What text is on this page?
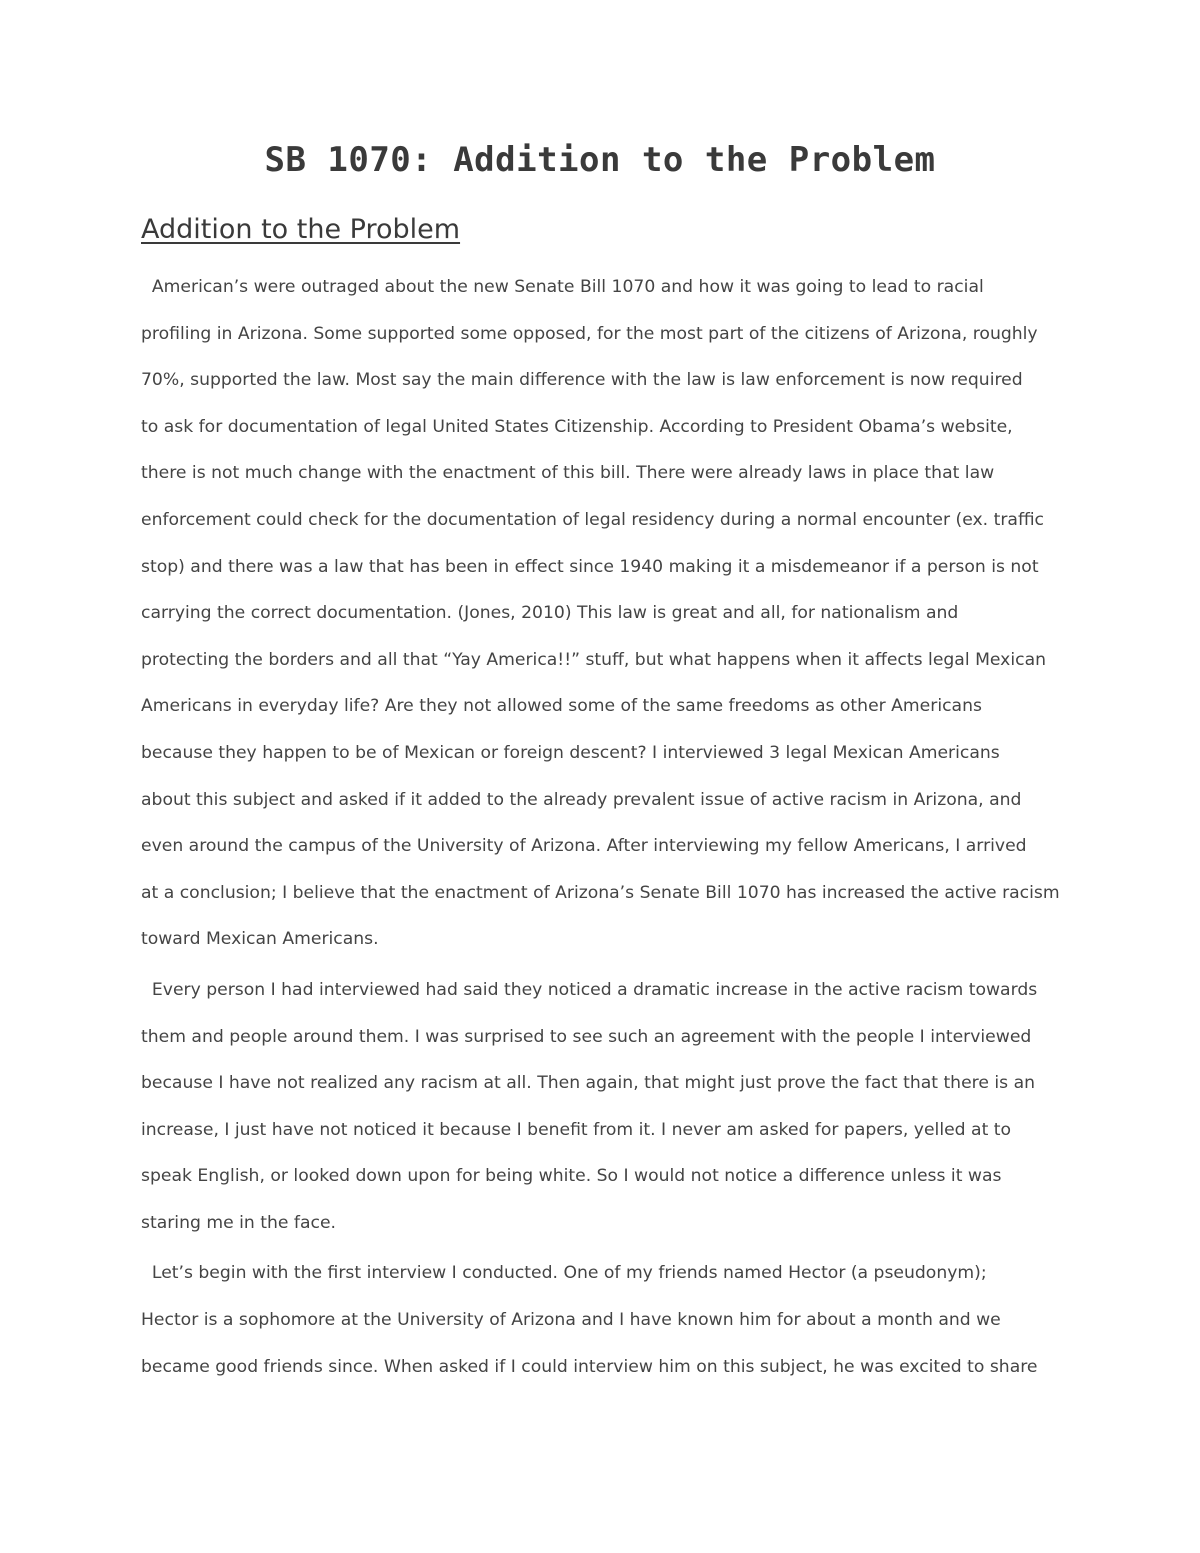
SB 1070: Addition to the Problem
Addition to the Problem
American’s were outraged about the new Senate Bill 1070 and how it was going to lead to racial
profiling in Arizona. Some supported some opposed, for the most part of the citizens of Arizona, roughly
70%, supported the law. Most say the main difference with the law is law enforcement is now required
to ask for documentation of legal United States Citizenship. According to President Obama’s website,
there is not much change with the enactment of this bill. There were already laws in place that law
enforcement could check for the documentation of legal residency during a normal encounter (ex. traffic
stop) and there was a law that has been in effect since 1940 making it a misdemeanor if a person is not
carrying the correct documentation. (Jones, 2010) This law is great and all, for nationalism and
protecting the borders and all that “Yay America!!” stuff, but what happens when it affects legal Mexican
Americans in everyday life? Are they not allowed some of the same freedoms as other Americans
because they happen to be of Mexican or foreign descent? I interviewed 3 legal Mexican Americans
about this subject and asked if it added to the already prevalent issue of active racism in Arizona, and
even around the campus of the University of Arizona. After interviewing my fellow Americans, I arrived
at a conclusion; I believe that the enactment of Arizona’s Senate Bill 1070 has increased the active racism
toward Mexican Americans.
Every person I had interviewed had said they noticed a dramatic increase in the active racism towards
them and people around them. I was surprised to see such an agreement with the people I interviewed
because I have not realized any racism at all. Then again, that might just prove the fact that there is an
increase, I just have not noticed it because I benefit from it. I never am asked for papers, yelled at to
speak English, or looked down upon for being white. So I would not notice a difference unless it was
staring me in the face.
Let’s begin with the first interview I conducted. One of my friends named Hector (a pseudonym);
Hector is a sophomore at the University of Arizona and I have known him for about a month and we
became good friends since. When asked if I could interview him on this subject, he was excited to share
